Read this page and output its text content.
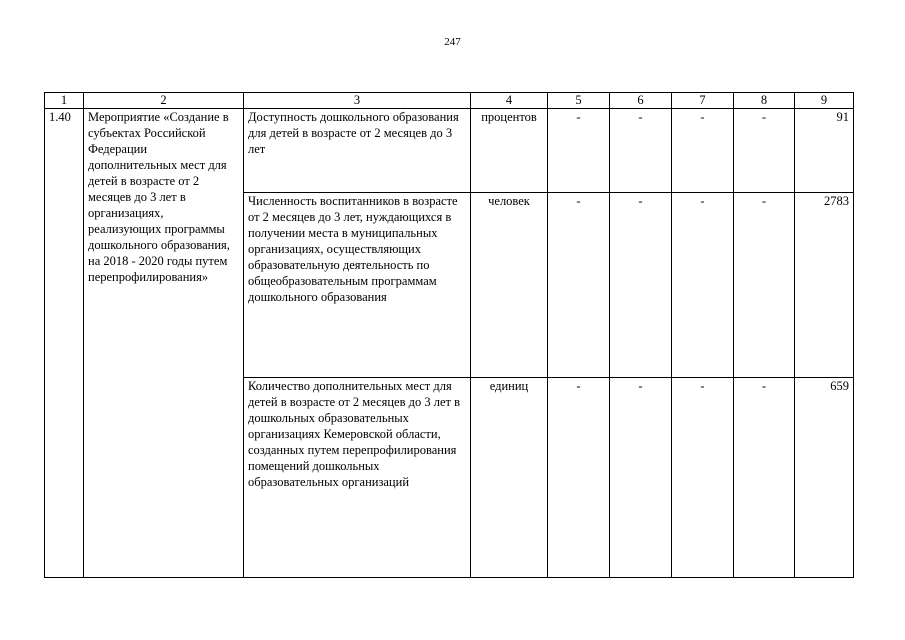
247
1	2	3	4	5	6	7	8	9
1.40	Мероприятие «Создание в субъектах Российской Федерации дополнительных мест для детей в возрасте от 2 месяцев до 3 лет в организациях, реализующих программы дошкольного образования, на 2018 - 2020 годы путем перепрофилирования»	Доступность дошкольного образования для детей в возрасте от 2 месяцев до 3 лет	процентов	-	-	-	-	91
		Численность воспитанников в возрасте от 2 месяцев до 3 лет, нуждающихся в получении места в муниципальных организациях, осуществляющих образовательную деятельность по общеобразовательным программам дошкольного образования	человек	-	-	-	-	2783
		Количество дополнительных мест для детей в возрасте от 2 месяцев до 3 лет в дошкольных образовательных организациях Кемеровской области, созданных путем перепрофилирования помещений дошкольных образовательных организаций	единиц	-	-	-	-	659
